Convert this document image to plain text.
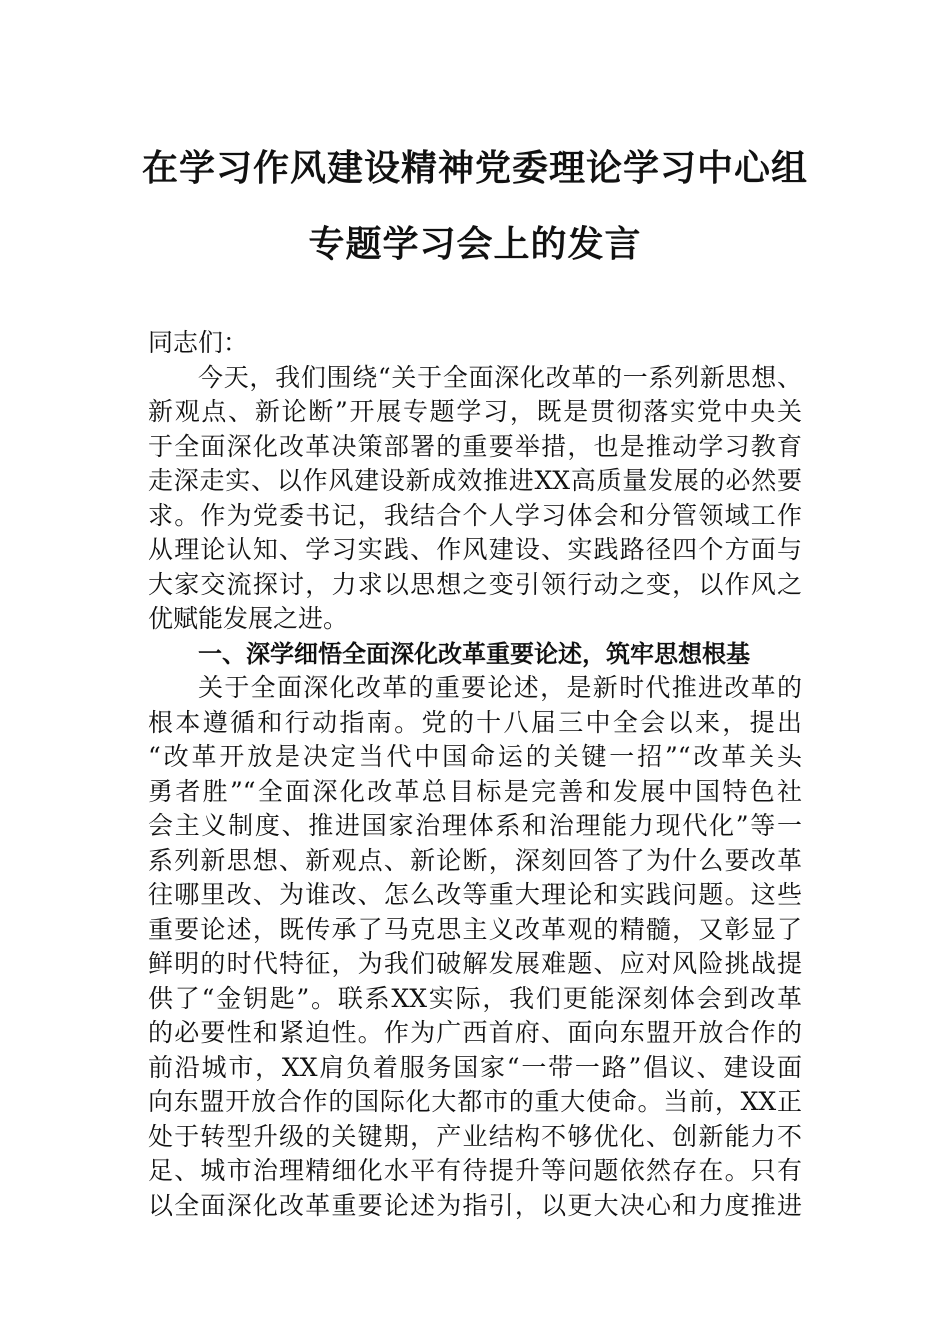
在学习作风建设精神党委理论学习中心组
专题学习会上的发言
同志们：
今天，我们围绕“关于全面深化改革的一系列新思想、
新观点、新论断”开展专题学习，既是贯彻落实党中央关
于全面深化改革决策部署的重要举措，也是推动学习教育
走深走实、以作风建设新成效推进XX高质量发展的必然要
求。作为党委书记，我结合个人学习体会和分管领域工作
从理论认知、学习实践、作风建设、实践路径四个方面与
大家交流探讨，力求以思想之变引领行动之变，以作风之
优赋能发展之进。
一、深学细悟全面深化改革重要论述，筑牢思想根基
关于全面深化改革的重要论述，是新时代推进改革的
根本遵循和行动指南。党的十八届三中全会以来，提出
“改革开放是决定当代中国命运的关键一招”“改革关头
勇者胜”“全面深化改革总目标是完善和发展中国特色社
会主义制度、推进国家治理体系和治理能力现代化”等一
系列新思想、新观点、新论断，深刻回答了为什么要改革
往哪里改、为谁改、怎么改等重大理论和实践问题。这些
重要论述，既传承了马克思主义改革观的精髓，又彰显了
鲜明的时代特征，为我们破解发展难题、应对风险挑战提
供了“金钥匙”。联系XX实际，我们更能深刻体会到改革
的必要性和紧迫性。作为广西首府、面向东盟开放合作的
前沿城市，XX肩负着服务国家“一带一路”倡议、建设面
向东盟开放合作的国际化大都市的重大使命。当前，XX正
处于转型升级的关键期，产业结构不够优化、创新能力不
足、城市治理精细化水平有待提升等问题依然存在。只有
以全面深化改革重要论述为指引，以更大决心和力度推进
